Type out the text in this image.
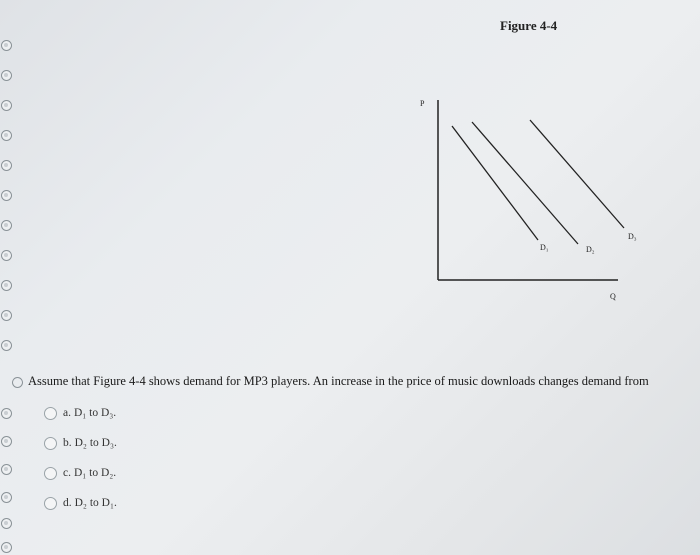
Figure 4-4
P
Q
D₁	D₂
D₃
Assume that Figure 4-4 shows demand for MP3 players. An increase in the price of music downloads changes demand from
a. D₁ to D₃.
b. D₂ to D₃.
c. D₁ to D₂.
d. D₂ to D₁.
